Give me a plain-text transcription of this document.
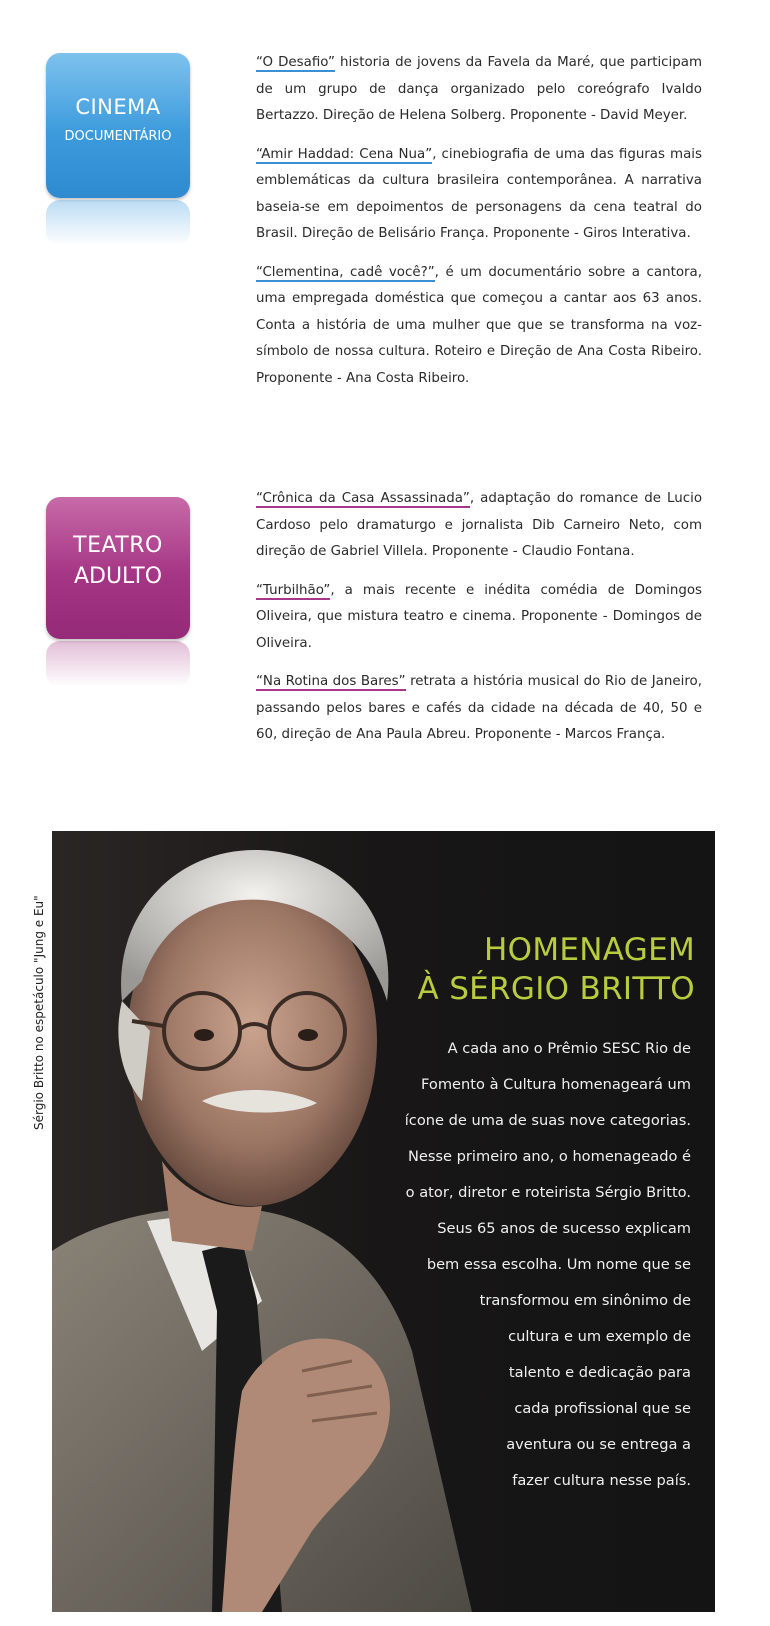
CINEMA
DOCUMENTÁRIO

“O Desafio” historia de jovens da Favela da Maré, que participam de um grupo de dança organizado pelo coreógrafo Ivaldo Bertazzo. Direção de Helena Solberg. Proponente - David Meyer.

“Amir Haddad: Cena Nua”, cinebiografia de uma das figuras mais emblemáticas da cultura brasileira contemporânea. A narrativa baseia-se em depoimentos de personagens da cena teatral do Brasil. Direção de Belisário França. Proponente - Giros Interativa.

“Clementina, cadê você?”, é um documentário sobre a cantora, uma empregada doméstica que começou a cantar aos 63 anos. Conta a história de uma mulher que que se transforma na voz-símbolo de nossa cultura. Roteiro e Direção de Ana Costa Ribeiro. Proponente - Ana Costa Ribeiro.

TEATRO
ADULTO

“Crônica da Casa Assassinada”, adaptação do romance de Lucio Cardoso pelo dramaturgo e jornalista Dib Carneiro Neto, com direção de Gabriel Villela. Proponente - Claudio Fontana.

“Turbilhão”, a mais recente e inédita comédia de Domingos Oliveira, que mistura teatro e cinema. Proponente - Domingos de Oliveira.

“Na Rotina dos Bares” retrata a história musical do Rio de Janeiro, passando pelos bares e cafés da cidade na década de 40, 50 e 60, direção de Ana Paula Abreu. Proponente - Marcos França.

Sérgio Britto no espetáculo "Jung e Eu"	HOMENAGEM
À SÉRGIO BRITTO
A cada ano o Prêmio SESC Rio de
Fomento à Cultura homenageará um
ícone de uma de suas nove categorias.
Nesse primeiro ano, o homenageado é
o ator, diretor e roteirista Sérgio Britto.
Seus 65 anos de sucesso explicam
bem essa escolha. Um nome que se
transformou em sinônimo de
cultura e um exemplo de
talento e dedicação para
cada profissional que se
aventura ou se entrega a
fazer cultura nesse país.
